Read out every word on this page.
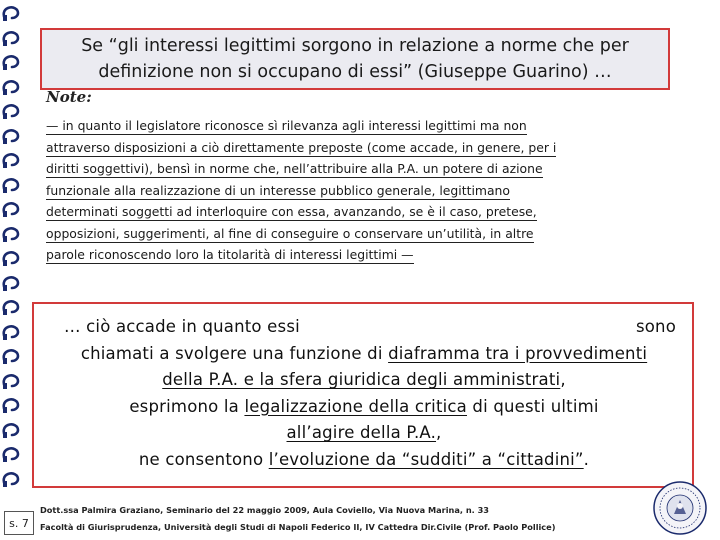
Se “gli interessi legittimi sorgono in relazione a norme che per definizione non si occupano di essi” (Giuseppe Guarino) …
Note:
— in quanto il legislatore riconosce sì rilevanza agli interessi legittimi ma non
attraverso disposizioni a ciò direttamente preposte (come accade, in genere, per i
diritti soggettivi), bensì in norme che, nell’attribuire alla P.A. un potere di azione
funzionale alla realizzazione di un interesse pubblico generale, legittimano
determinati soggetti ad interloquire con essa, avanzando, se è il caso, pretese,
opposizioni, suggerimenti, al fine di conseguire o conservare un’utilità, in altre
parole riconoscendo loro la titolarità di interessi legittimi —
… ciò accade in quanto essi	sono
chiamati a svolgere una funzione di diaframma tra i provvedimenti
della P.A. e la sfera giuridica degli amministrati,
esprimono la legalizzazione della critica di questi ultimi
all’agire della P.A.,
ne consentono l’evoluzione da “sudditi” a “cittadini”.
s. 7
Dott.ssa Palmira Graziano, Seminario del 22 maggio 2009, Aula Coviello, Via Nuova Marina, n. 33
Facoltà di Giurisprudenza, Università degli Studi di Napoli Federico II, IV Cattedra Dir.Civile (Prof. Paolo Pollice)
